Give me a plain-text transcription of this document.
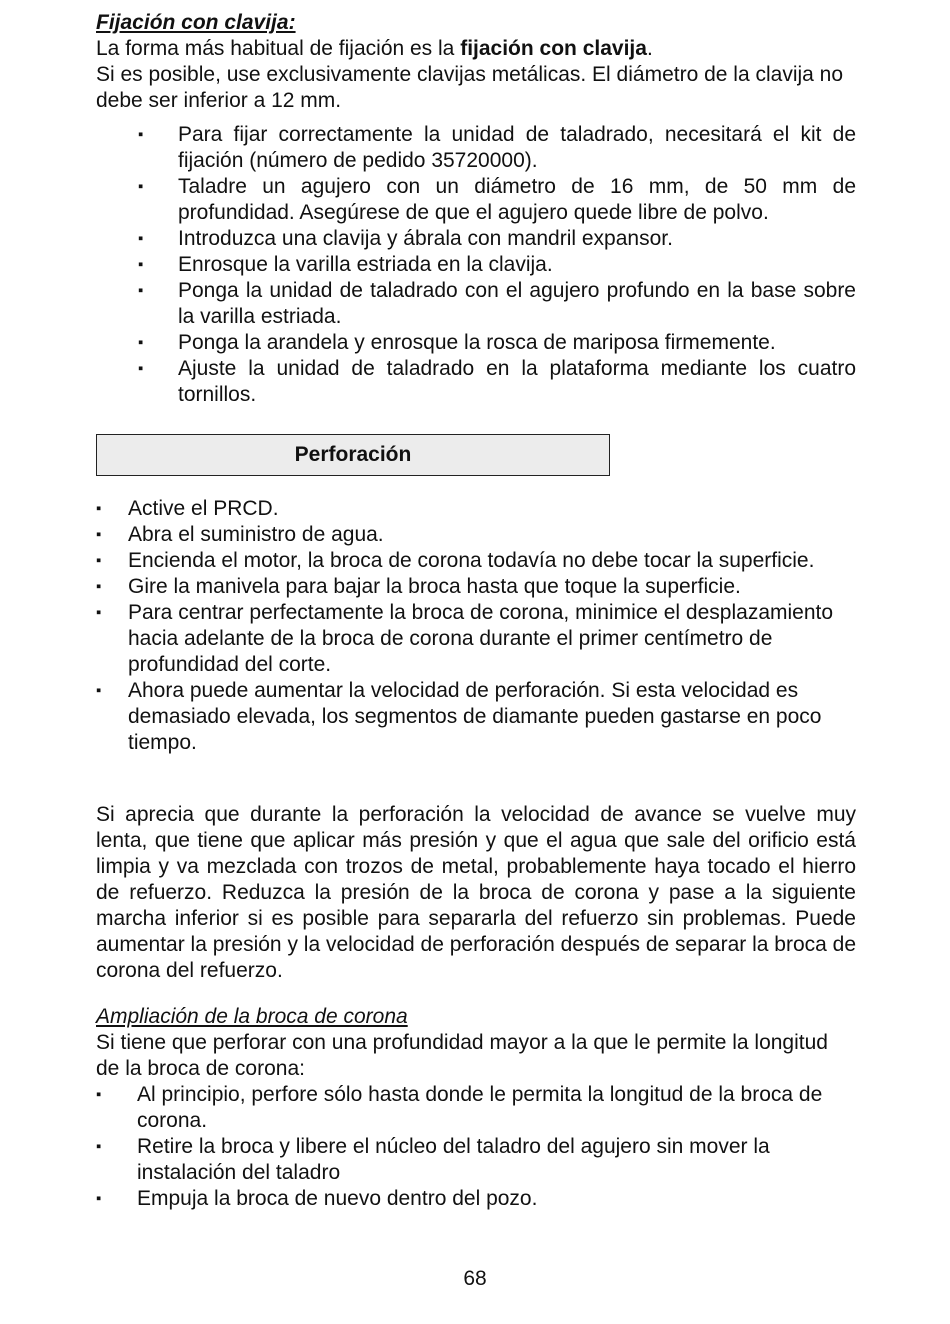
Fijación con clavija:

La forma más habitual de fijación es la fijación con clavija.

Si es posible, use exclusivamente clavijas metálicas. El diámetro de la clavija no debe ser inferior a 12 mm.

▪ Para fijar correctamente la unidad de taladrado, necesitará el kit de fijación (número de pedido 35720000).
▪ Taladre un agujero con un diámetro de 16 mm, de 50 mm de profundidad. Asegúrese de que el agujero quede libre de polvo.
▪ Introduzca una clavija y ábrala con mandril expansor.
▪ Enrosque la varilla estriada en la clavija.
▪ Ponga la unidad de taladrado con el agujero profundo en la base sobre la varilla estriada.
▪ Ponga la arandela y enrosque la rosca de mariposa firmemente.
▪ Ajuste la unidad de taladrado en la plataforma mediante los cuatro tornillos.
Perforación
▪ Active el PRCD.
▪ Abra el suministro de agua.
▪ Encienda el motor, la broca de corona todavía no debe tocar la superficie.
▪ Gire la manivela para bajar la broca hasta que toque la superficie.
▪ Para centrar perfectamente la broca de corona, minimice el desplazamiento hacia adelante de la broca de corona durante el primer centímetro de profundidad del corte.
▪ Ahora puede aumentar la velocidad de perforación. Si esta velocidad es demasiado elevada, los segmentos de diamante pueden gastarse en poco tiempo.

Si aprecia que durante la perforación la velocidad de avance se vuelve muy lenta, que tiene que aplicar más presión y que el agua que sale del orificio está limpia y va mezclada con trozos de metal, probablemente haya tocado el hierro de refuerzo. Reduzca la presión de la broca de corona y pase a la siguiente marcha inferior si es posible para separarla del refuerzo sin problemas. Puede aumentar la presión y la velocidad de perforación después de separar la broca de corona del refuerzo.

Ampliación de la broca de corona

Si tiene que perforar con una profundidad mayor a la que le permite la longitud de la broca de corona:

▪ Al principio, perfore sólo hasta donde le permita la longitud de la broca de corona.
▪ Retire la broca y libere el núcleo del taladro del agujero sin mover la instalación del taladro
▪ Empuja la broca de nuevo dentro del pozo.
68
